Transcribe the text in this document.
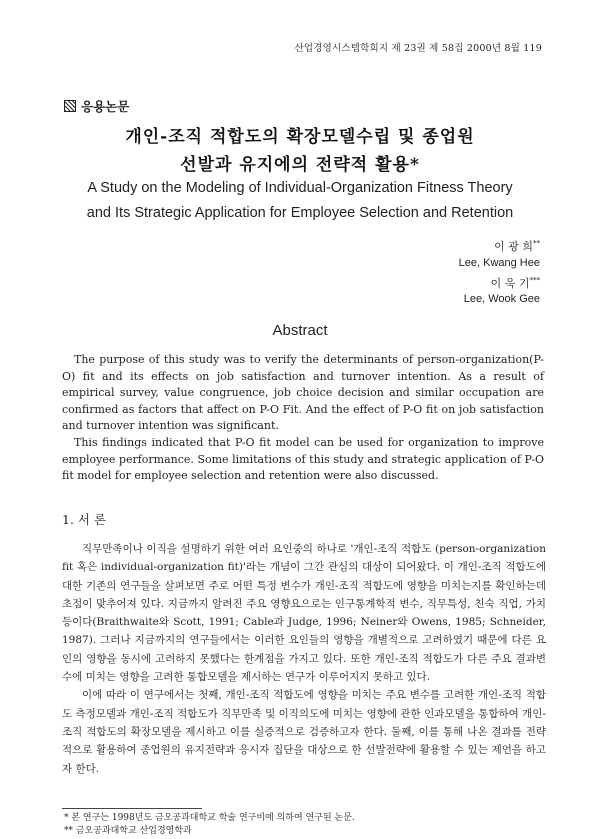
산업경영시스템학회지 제 23권 제 58집 2000년 8월 119
응용논문
개인-조직 적합도의 확장모델수립 및 종업원
선발과 유지에의 전략적 활용*
A Study on the Modeling of Individual-Organization Fitness Theory
and Its Strategic Application for Employee Selection and Retention
이 광 희**
Lee, Kwang Hee
이 욱 기***
Lee, Wook Gee
Abstract

The purpose of this study was to verify the determinants of person-organization(P-O) fit and its effects on job satisfaction and turnover intention. As a result of empirical survey, value congruence, job choice decision and similar occupation are confirmed as factors that affect on P-O Fit. And the effect of P-O fit on job satisfaction and turnover intention was significant.

This findings indicated that P-O fit model can be used for organization to improve employee performance. Some limitations of this study and strategic application of P-O fit model for employee selection and retention were also discussed.

1. 서 론

직무만족이나 이직을 설명하기 위한 여러 요인중의 하나로 '개인-조직 적합도 (person-organization fit 혹은 individual-organization fit)'라는 개념이 그간 관심의 대상이 되어왔다. 이 개인-조직 적합도에 대한 기존의 연구들을 살펴보면 주로 어떤 특정 변수가 개인-조직 적합도에 영향을 미치는지를 확인하는데 초점이 맞추어져 있다. 지금까지 알려진 주요 영향요으로는 인구통계학적 변수, 직무특성, 친숙 직업, 가치 등이다(Braithwaite와 Scott, 1991; Cable과 Judge, 1996; Neiner와 Owens, 1985; Schneider, 1987). 그러나 지금까지의 연구들에서는 이러한 요인들의 영향을 개별적으로 고려하였기 때문에 다른 요인의 영향을 동시에 고려하지 못했다는 한계점을 가지고 있다. 또한 개인-조직 적합도가 다른 주요 결과변수에 미치는 영향을 고려한 통합모델을 제시하는 연구가 이루어지지 못하고 있다.

이에 따라 이 연구에서는 첫째, 개인-조직 적합도에 영향을 미치는 주요 변수를 고려한 개인-조직 적합도 측정모델과 개인-조직 적합도가 직무만족 및 이직의도에 미치는 영향에 관한 인과모델을 통합하여 개인-조직 적합도의 확장모델을 제시하고 이를 실증적으로 검증하고자 한다. 둘째, 이를 통해 나온 결과를 전략적으로 활용하여 종업원의 유지전략과 응시자 집단을 대상으로 한 선발전략에 활용할 수 있는 제언을 하고자 한다.

* 본 연구는 1998년도 금오공과대학교 학술 연구비에 의하여 연구된 논문.
** 금오공과대학교 산업경영학과
